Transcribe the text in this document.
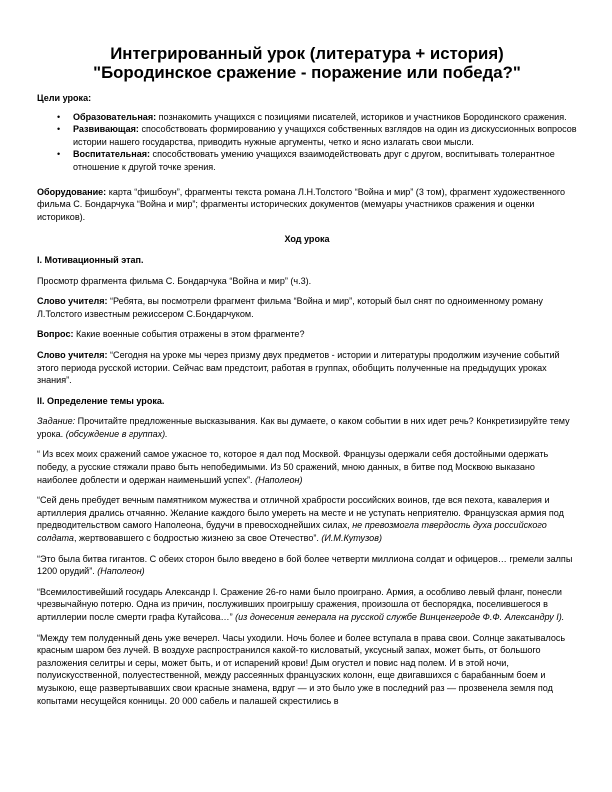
Интегрированный урок (литература + история)
"Бородинское сражение - поражение или победа?"

Цели урока:

• Образовательная: познакомить учащихся с позициями писателей, историков и участников Бородинского сражения.
• Развивающая: способствовать формированию у учащихся собственных взглядов на один из дискуссионных вопросов истории нашего государства, приводить нужные аргументы, четко и ясно излагать свои мысли.
• Воспитательная: способствовать умению учащихся взаимодействовать друг с другом, воспитывать толерантное отношение к другой точке зрения.

Оборудование: карта “фишбоун”, фрагменты текста романа Л.Н.Толстого “Война и мир” (3 том), фрагмент художественного фильма С. Бондарчука “Война и мир”; фрагменты исторических документов (мемуары участников сражения и оценки историков).

Ход урока

I. Мотивационный этап.

Просмотр фрагмента фильма С. Бондарчука “Война и мир” (ч.3).

Слово учителя: “Ребята, вы посмотрели фрагмент фильма “Война и мир”, который был снят по одноименному роману Л.Толстого известным режиссером С.Бондарчуком.

Вопрос: Какие военные события отражены в этом фрагменте?

Слово учителя: “Сегодня на уроке мы через призму двух предметов - истории и литературы продолжим изучение событий этого периода русской истории. Сейчас вам предстоит, работая в группах, обобщить полученные на предыдущих уроках знания”.

II. Определение темы урока.

Задание: Прочитайте предложенные высказывания. Как вы думаете, о каком событии в них идет речь? Конкретизируйте тему урока. (обсуждение в группах).

“ Из всех моих сражений самое ужасное то, которое я дал под Москвой. Французы одержали себя достойными одержать победу, а русские стяжали право быть непобедимыми. Из 50 сражений, мною данных, в битве под Москвою выказано наиболее доблести и одержан наименьший успех”. (Наполеон)

“Сей день пребудет вечным памятником мужества и отличной храбрости российских воинов, где вся пехота, кавалерия и артиллерия дрались отчаянно. Желание каждого было умереть на месте и не уступать неприятелю. Французская армия под предводительством самого Наполеона, будучи в превосходнейших силах, не превозмогла твердость духа российского солдата, жертвовавшего с бодростью жизнею за свое Отечество”. (И.М.Кутузов)

“Это была битва гигантов. С обеих сторон было введено в бой более четверти миллиона солдат и офицеров… гремели залпы 1200 орудий”. (Наполеон)

“Всемилостивейший государь Александр I. Сражение 26-го нами было проиграно. Армия, а особливо левый фланг, понесли чрезвычайную потерю. Одна из причин, послуживших проигрышу сражения, произошла от беспорядка, поселившегося в артиллерии после смерти графа Кутайсова…” (из донесения генерала на русской службе Винценгероде Ф.Ф. Александру I).

“Между тем полуденный день уже вечерел. Часы уходили. Ночь более и более вступала в права свои. Солнце закатывалось красным шаром без лучей. В воздухе распространился какой-то кисловатый, уксусный запах, может быть, от большого разложения селитры и серы, может быть, и от испарений крови! Дым огустел и повис над полем. И в этой ночи, полуискусственной, полуестественной, между рассеянных французских колонн, еще двигавшихся с барабанным боем и музыкою, еще развертывавших свои красные знамена, вдруг — и это было уже в последний раз — прозвенела земля под копытами несущейся конницы. 20 000 сабель и палашей скрестились в
